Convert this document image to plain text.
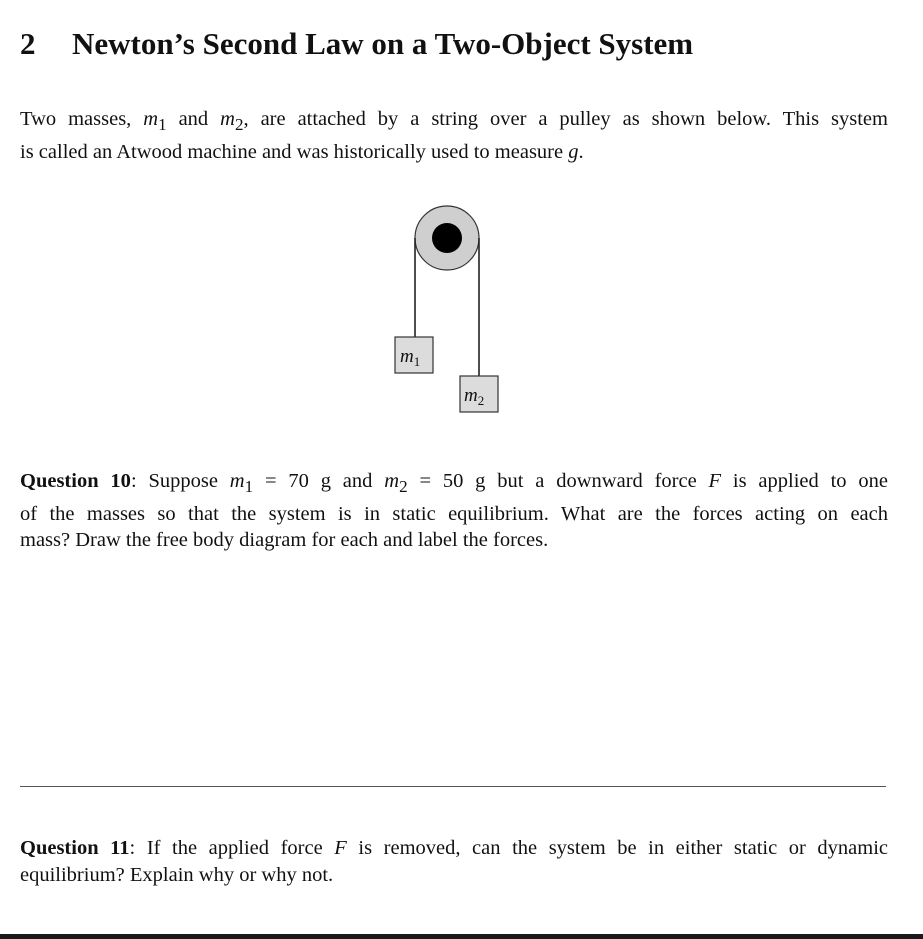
2 Newton’s Second Law on a Two-Object System
Two masses, $m_1$ and $m_2$, are attached by a string over a pulley as shown below. This system
is called an Atwood machine and was historically used to measure g.
$m_1$
$m_2$
Question 10: Suppose $m_1 = 70$ g and $m_2 = 50$ g but a downward force F is applied to one
of the masses so that the system is in static equilibrium. What are the forces acting on each
mass? Draw the free body diagram for each and label the forces.
Question 11: If the applied force F is removed, can the system be in either static or dynamic
equilibrium? Explain why or why not.
